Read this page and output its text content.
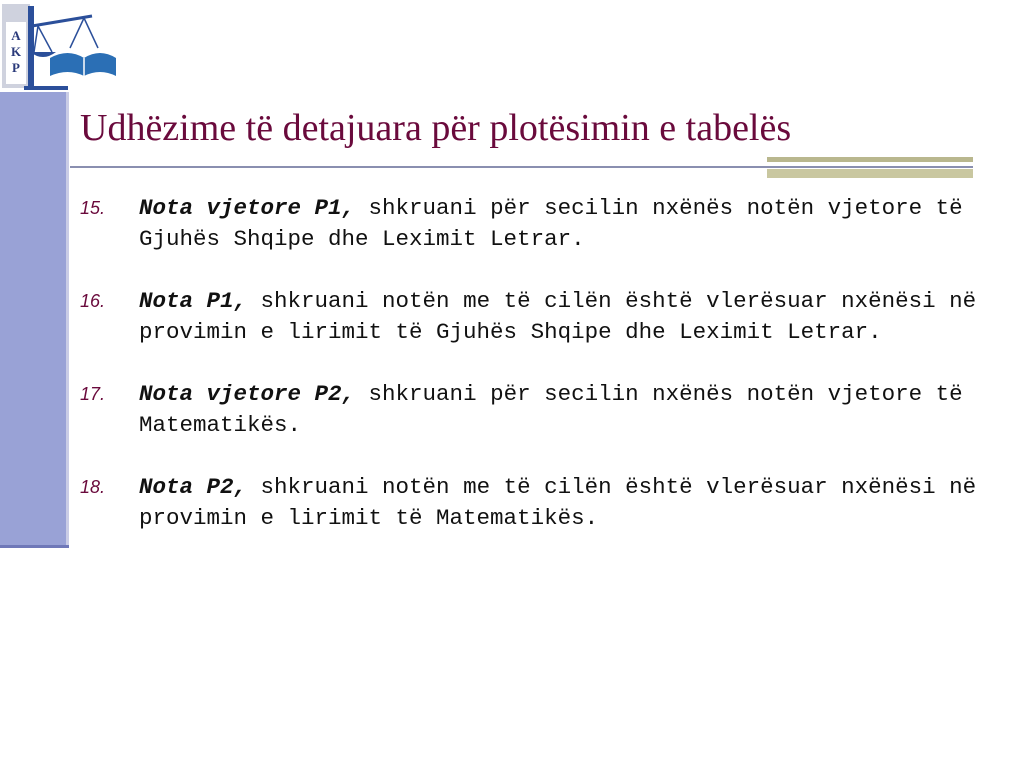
A
K
P
Udhëzime të detajuara për plotësimin e tabelës
15. Nota vjetore P1, shkruani për secilin nxënës notën vjetore të Gjuhës Shqipe dhe Leximit Letrar.
16. Nota P1, shkruani notën me të cilën është vlerësuar nxënësi në provimin e lirimit të Gjuhës Shqipe dhe Leximit Letrar.
17. Nota vjetore P2, shkruani për secilin nxënës notën vjetore të Matematikës.
18. Nota P2, shkruani notën me të cilën është vlerësuar nxënësi në provimin e lirimit të Matematikës.
